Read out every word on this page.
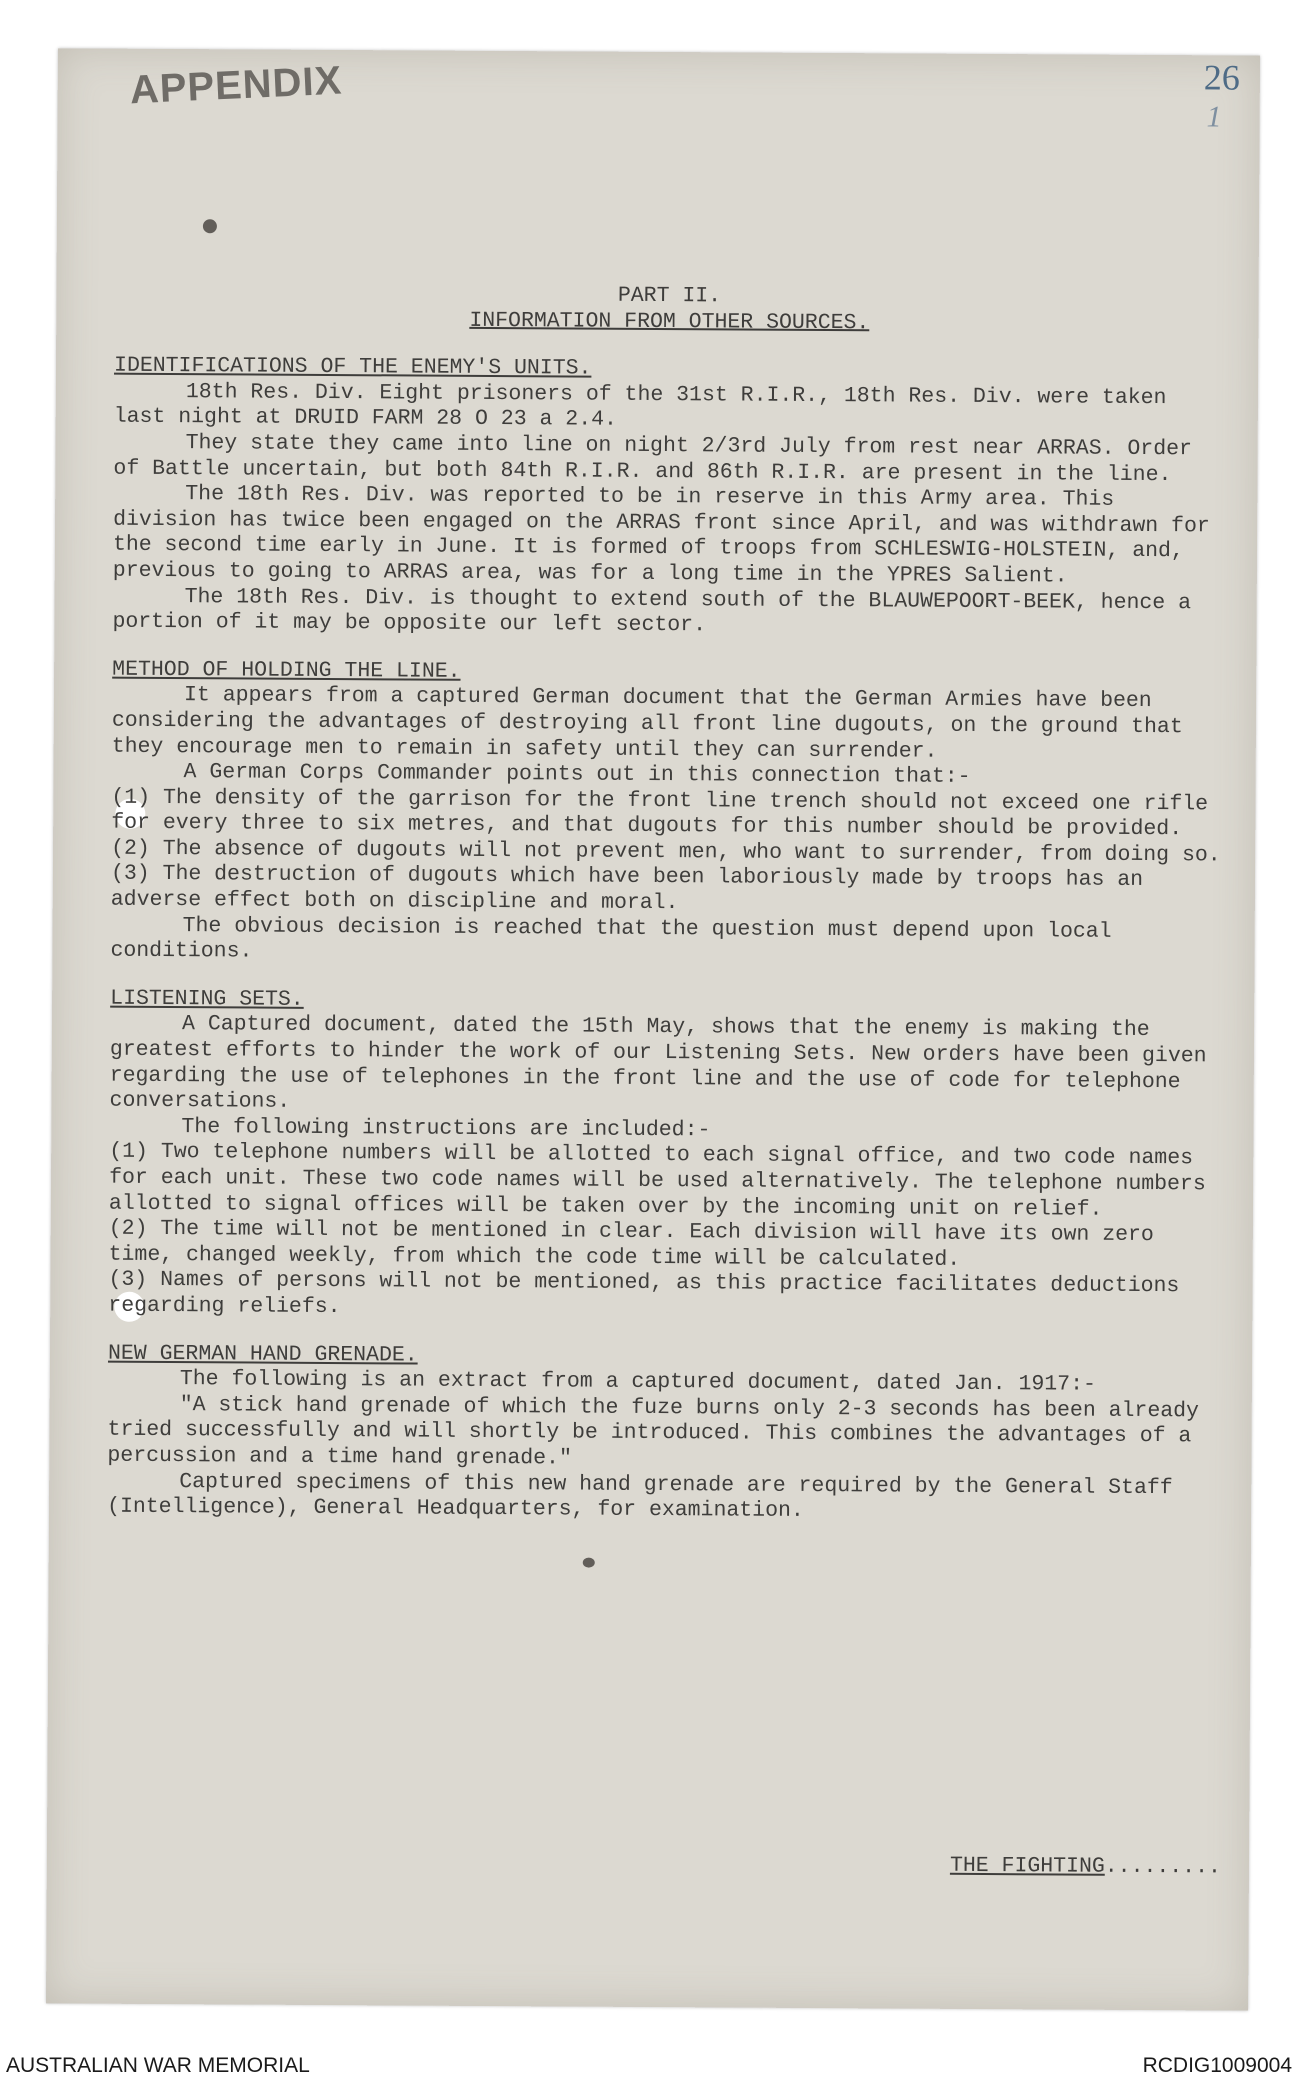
APPENDIX	26
1

PART II.

INFORMATION FROM OTHER SOURCES.

IDENTIFICATIONS OF THE ENEMY'S UNITS.

18th Res. Div. Eight prisoners of the 31st R.I.R., 18th Res. Div. were taken last night at DRUID FARM 28 O 23 a 2.4.

They state they came into line on night 2/3rd July from rest near ARRAS. Order of Battle uncertain, but both 84th R.I.R. and 86th R.I.R. are present in the line.

The 18th Res. Div. was reported to be in reserve in this Army area. This division has twice been engaged on the ARRAS front since April, and was withdrawn for the second time early in June. It is formed of troops from SCHLESWIG-HOLSTEIN, and, previous to going to ARRAS area, was for a long time in the YPRES Salient.

The 18th Res. Div. is thought to extend south of the BLAUWEPOORT-BEEK, hence a portion of it may be opposite our left sector.

METHOD OF HOLDING THE LINE.

It appears from a captured German document that the German Armies have been considering the advantages of destroying all front line dugouts, on the ground that they encourage men to remain in safety until they can surrender.

A German Corps Commander points out in this connection that:-

(1) The density of the garrison for the front line trench should not exceed one rifle for every three to six metres, and that dugouts for this number should be provided.

(2) The absence of dugouts will not prevent men, who want to surrender, from doing so.

(3) The destruction of dugouts which have been laboriously made by troops has an adverse effect both on discipline and moral.

The obvious decision is reached that the question must depend upon local conditions.

LISTENING SETS.

A Captured document, dated the 15th May, shows that the enemy is making the greatest efforts to hinder the work of our Listening Sets. New orders have been given regarding the use of telephones in the front line and the use of code for telephone conversations.

The following instructions are included:-

(1) Two telephone numbers will be allotted to each signal office, and two code names for each unit. These two code names will be used alternatively. The telephone numbers allotted to signal offices will be taken over by the incoming unit on relief.

(2) The time will not be mentioned in clear. Each division will have its own zero time, changed weekly, from which the code time will be calculated.

(3) Names of persons will not be mentioned, as this practice facilitates deductions regarding reliefs.

NEW GERMAN HAND GRENADE.

The following is an extract from a captured document, dated Jan. 1917:-

"A stick hand grenade of which the fuze burns only 2-3 seconds has been already tried successfully and will shortly be introduced. This combines the advantages of a percussion and a time hand grenade."

Captured specimens of this new hand grenade are required by the General Staff (Intelligence), General Headquarters, for examination.

THE FIGHTING.........
AUSTRALIAN WAR MEMORIAL	RCDIG1009004
